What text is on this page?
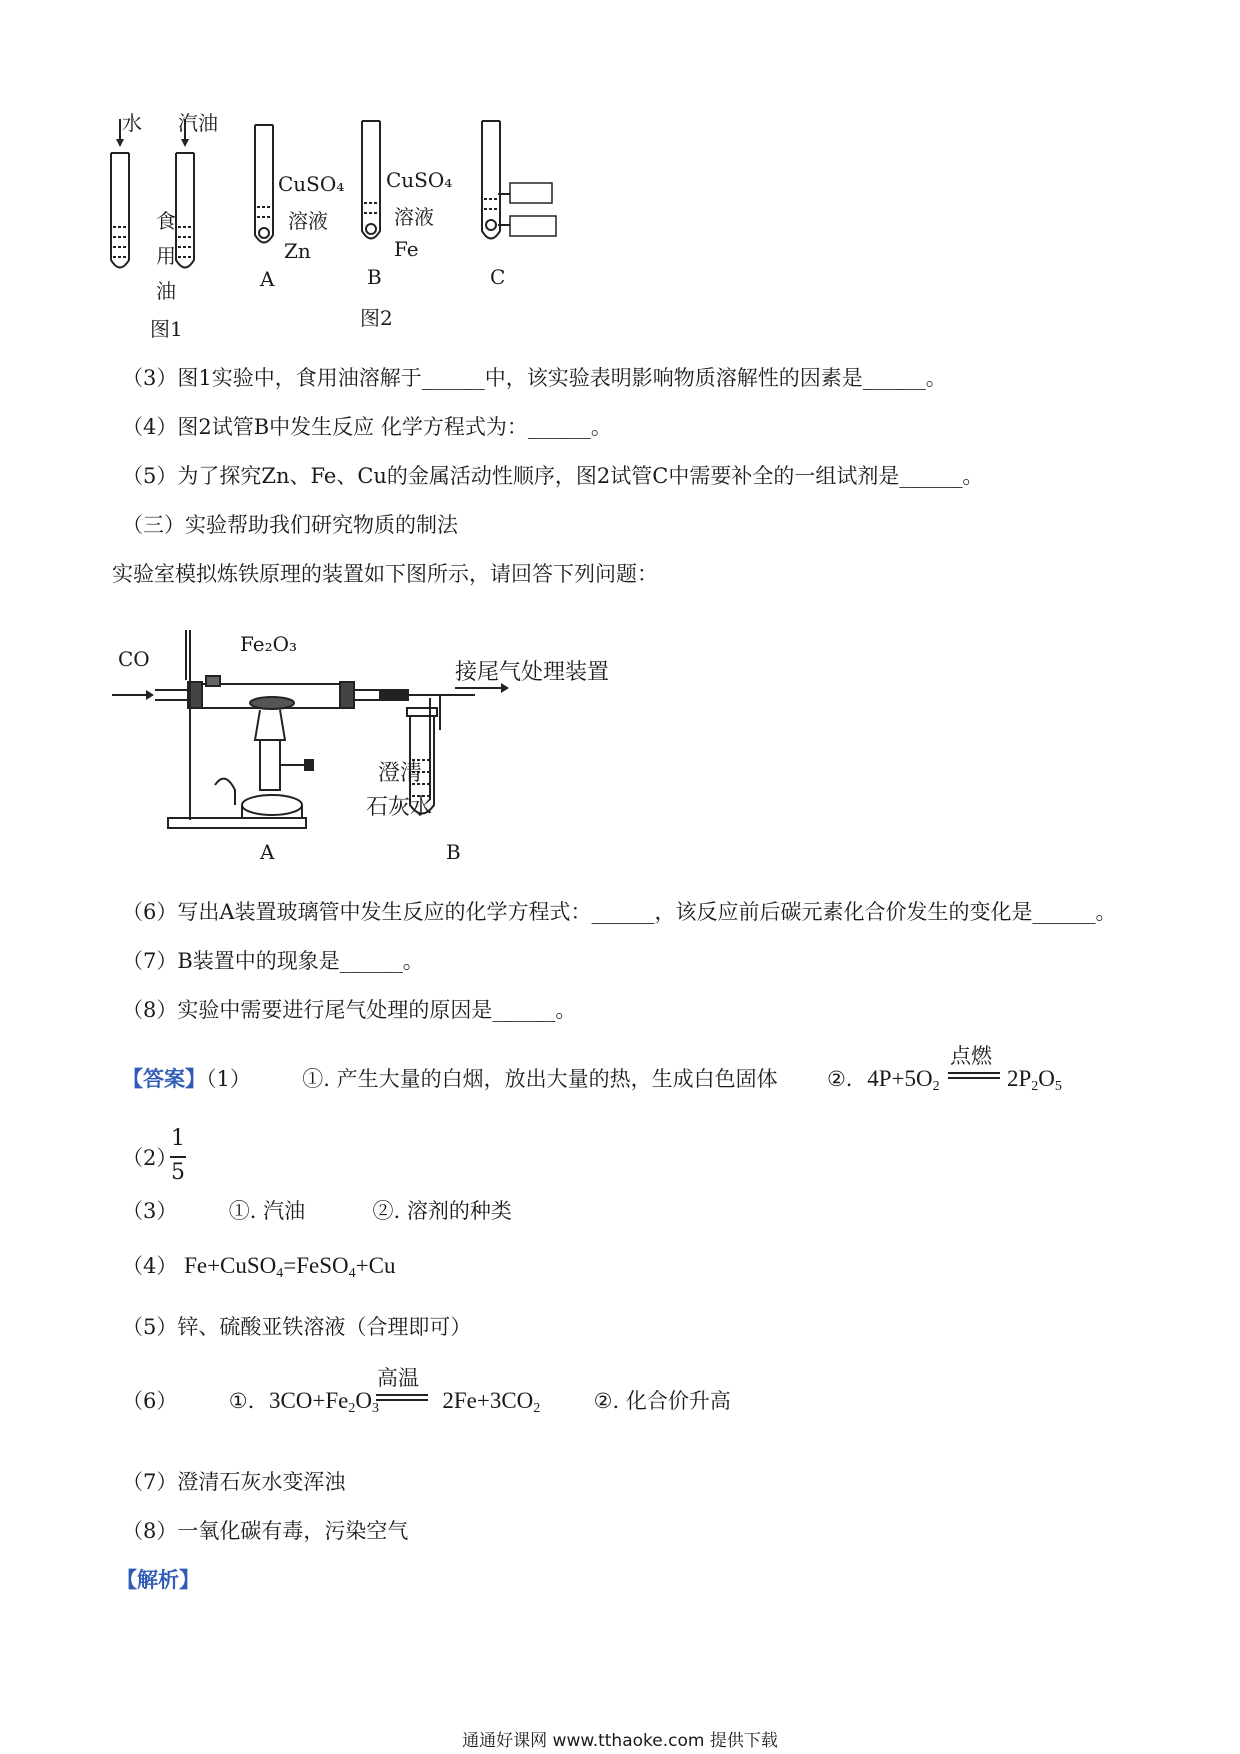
水 汽油
食
用
油
图1
CuSO₄
溶液
Zn
A
CuSO₄
溶液
Fe
B	C
图2
（3）图1实验中，食用油溶解于______中，该实验表明影响物质溶解性的因素是______。
（4）图2试管B中发生反应 化学方程式为：______。
（5）为了探究Zn、Fe、Cu的金属活动性顺序，图2试管C中需要补全的一组试剂是______。
（三）实验帮助我们研究物质的制法
实验室模拟炼铁原理的装置如下图所示，请回答下列问题：
CO
Fe₂O₃
接尾气处理装置
澄清
石灰水
A	B
（6）写出A装置玻璃管中发生反应的化学方程式：______，该反应前后碳元素化合价发生的变化是______。
（7）B装置中的现象是______。
（8）实验中需要进行尾气处理的原因是______。
【答案】（1） ①. 产生大量的白烟，放出大量的热，生成白色固体 ②. $4P+5O_2$	$2P_2O_5$
点燃
（2）
1
5
（3） ①. 汽油	②. 溶剂的种类
（4） Fe+CuSO$_4$=FeSO$_4$+Cu
（5）锌、硫酸亚铁溶液（合理即可）
（6） ①. $3CO+Fe_2O_3$	$2Fe+3CO_2$	②. 化合价升高
高温
（7）澄清石灰水变浑浊
（8）一氧化碳有毒，污染空气
【解析】
通通好课网 www.tthaoke.com 提供下载
